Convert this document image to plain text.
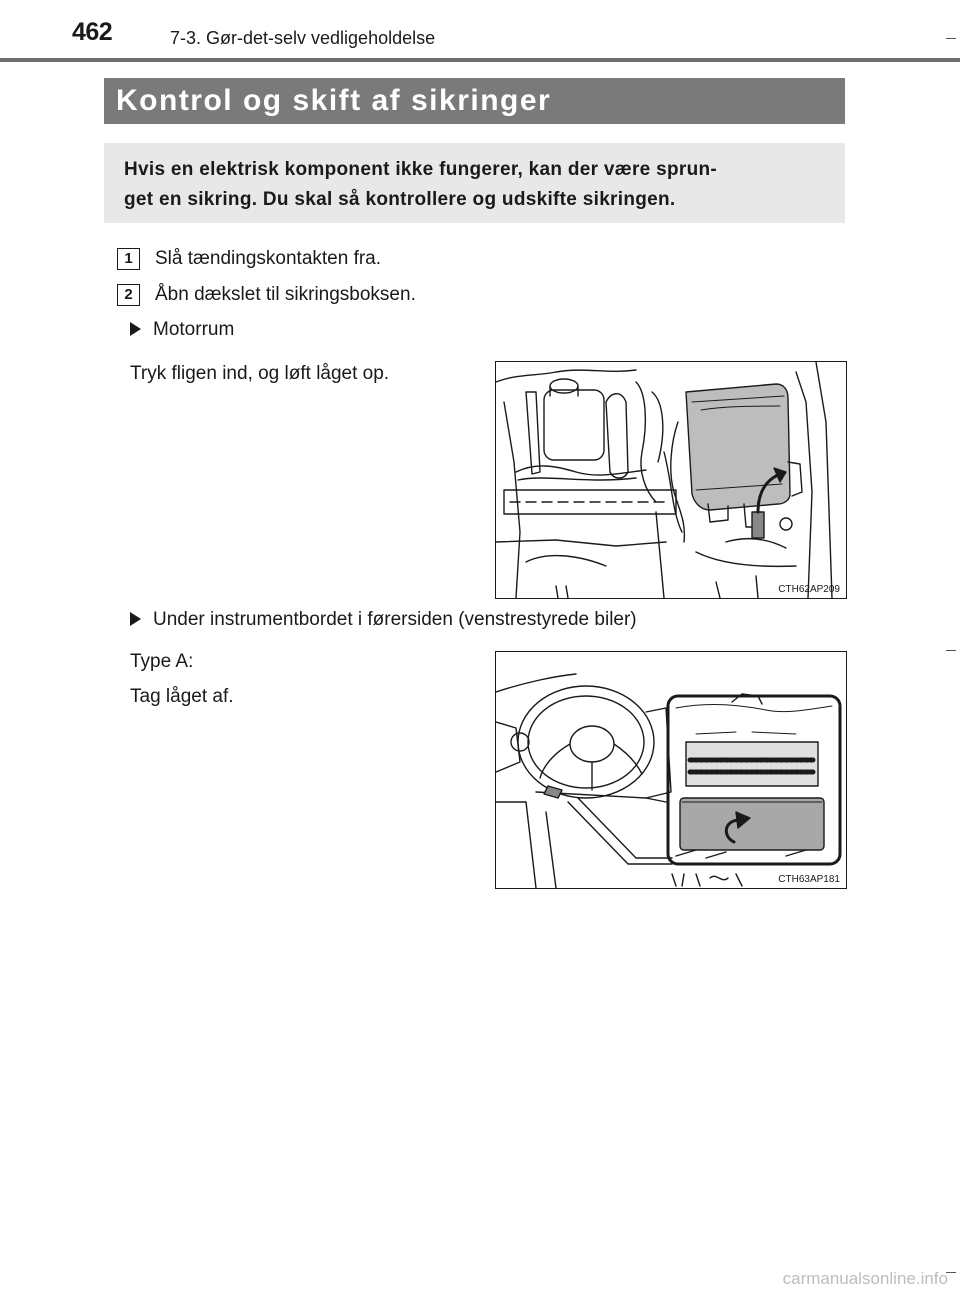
462	7-3. Gør-det-selv vedligeholdelse
Kontrol og skift af sikringer
Hvis en elektrisk komponent ikke fungerer, kan der være sprun-
get en sikring. Du skal så kontrollere og udskifte sikringen.
1	Slå tændingskontakten fra.
2	Åbn dækslet til sikringsboksen.
Motorrum
Tryk fligen ind, og løft låget op.
CTH62AP209
Under instrumentbordet i førersiden (venstrestyrede biler)
Type A:
Tag låget af.
CTH63AP181
carmanualsonline.info
